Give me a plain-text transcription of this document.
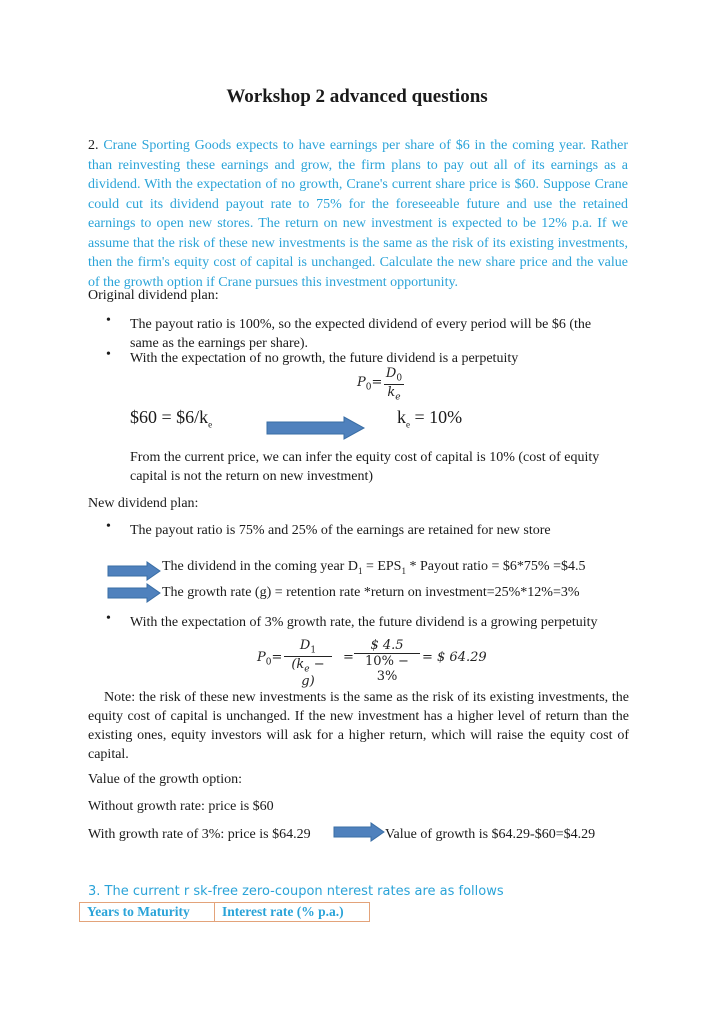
Workshop 2 advanced questions
2. Crane Sporting Goods expects to have earnings per share of $6 in the coming year. Rather than reinvesting these earnings and grow, the firm plans to pay out all of its earnings as a dividend. With the expectation of no growth, Crane's current share price is $60. Suppose Crane could cut its dividend payout rate to 75% for the foreseeable future and use the retained earnings to open new stores. The return on new investment is expected to be 12% p.a. If we assume that the risk of these new investments is the same as the risk of its existing investments, then the firm's equity cost of capital is unchanged. Calculate the new share price and the value of the growth option if Crane pursues this investment opportunity.
Original dividend plan:
• The payout ratio is 100%, so the expected dividend of every period will be $6 (the same as the earnings per share).
• With the expectation of no growth, the future dividend is a perpetuity
$P_0= \frac{D_0}{k_e}$
$60 = $\$6/k_e$	$k_e = 10\%$
From the current price, we can infer the equity cost of capital is 10% (cost of equity capital is not the return on new investment)
New dividend plan:
• The payout ratio is 75% and 25% of the earnings are retained for new store
The dividend in the coming year $D_1 = EPS_1$ * Payout ratio = $6*75% =$4.5
The growth rate (g) = retention rate *return on investment=25%*12%=3%
• With the expectation of 3% growth rate, the future dividend is a growing perpetuity
$P_0= \frac{D_1}{(k_e - g)} = \frac{\$ 4.5}{10\% - 3\%}$ = $ 64.29
Note: the risk of these new investments is the same as the risk of its existing investments, the equity cost of capital is unchanged. If the new investment has a higher level of return than the existing ones, equity investors will ask for a higher return, which will raise the equity cost of capital.
Value of the growth option:
Without growth rate: price is $60
With growth rate of 3%: price is $64.29	Value of growth is $64.29-$60=$4.29
3. The current r sk-free zero-coupon nterest rates are as follows
Years to Maturity	Interest rate (% p.a.)
